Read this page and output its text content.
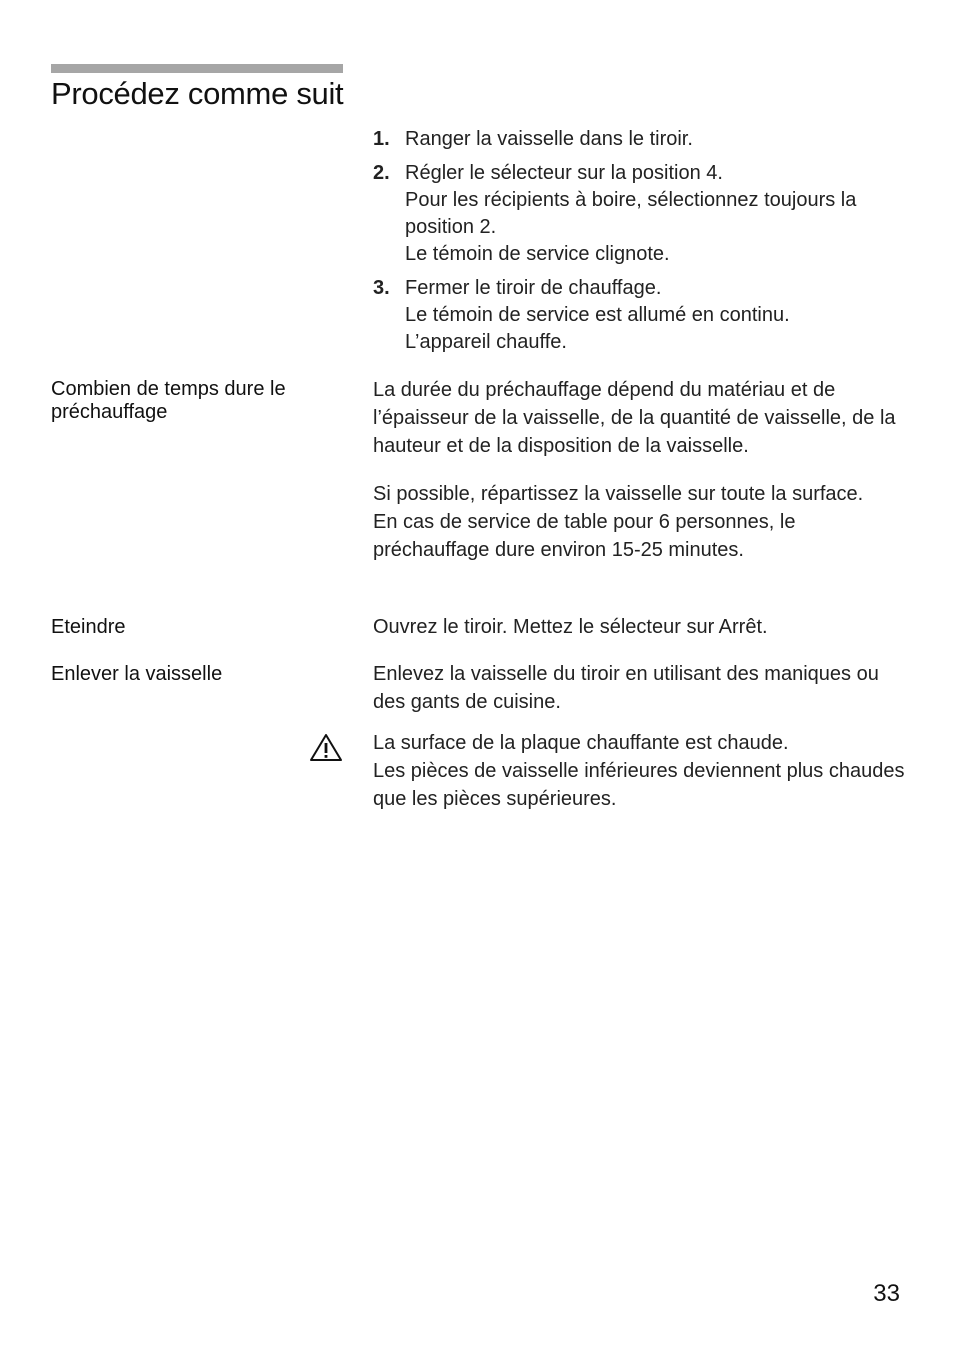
Procédez comme suit
1. Ranger la vaisselle dans le tiroir.
2. Régler le sélecteur sur la position 4.
Pour les récipients à boire, sélectionnez toujours la position 2.
Le témoin de service clignote.
3. Fermer le tiroir de chauffage.
Le témoin de service est allumé en continu.
L’appareil chauffe.
Combien de temps dure le préchauffage
La durée du préchauffage dépend du matériau et de l’épaisseur de la vaisselle, de la quantité de vaisselle, de la hauteur et de la disposition de la vaisselle.
Si possible, répartissez la vaisselle sur toute la surface.
En cas de service de table pour 6 personnes, le préchauffage dure environ 15-25 minutes.
Eteindre	Ouvrez le tiroir. Mettez le sélecteur sur Arrêt.
Enlever la vaisselle	Enlevez la vaisselle du tiroir en utilisant des maniques ou des gants de cuisine.
La surface de la plaque chauffante est chaude.
Les pièces de vaisselle inférieures deviennent plus chaudes que les pièces supérieures.
33
